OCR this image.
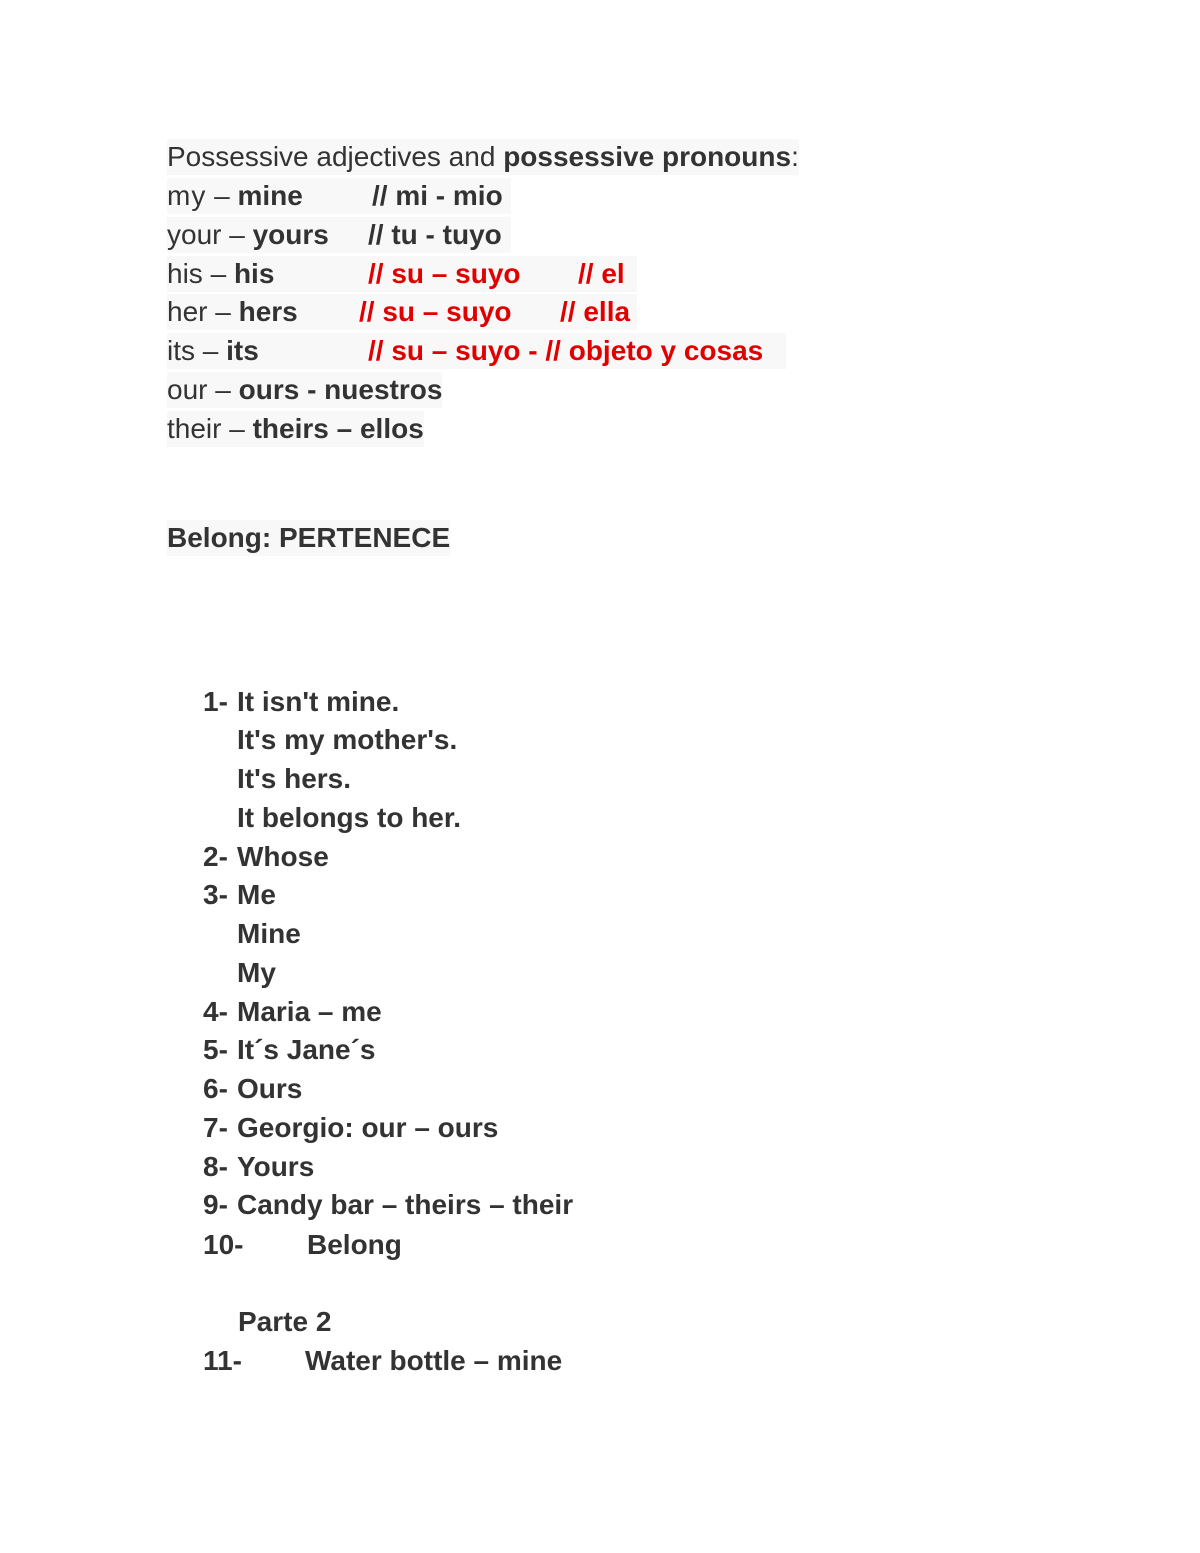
Possessive adjectives and possessive pronouns:
my – mine	// mi - mio
your – yours	// tu - tuyo
his – his	// su – suyo // el
her – hers	// su – suyo // ella
its – its	// su – suyo - // objeto y cosas
our – ours - nuestros
their – theirs – ellos
Belong: PERTENECE
1- It isn't mine.
It's my mother's.
It's hers.
It belongs to her.
2- Whose
3- Me
Mine
My
4- Maria – me
5- It´s Jane´s
6- Ours
7- Georgio: our – ours
8- Yours
9- Candy bar – theirs – their
10- Belong
Parte 2
11- Water bottle – mine
